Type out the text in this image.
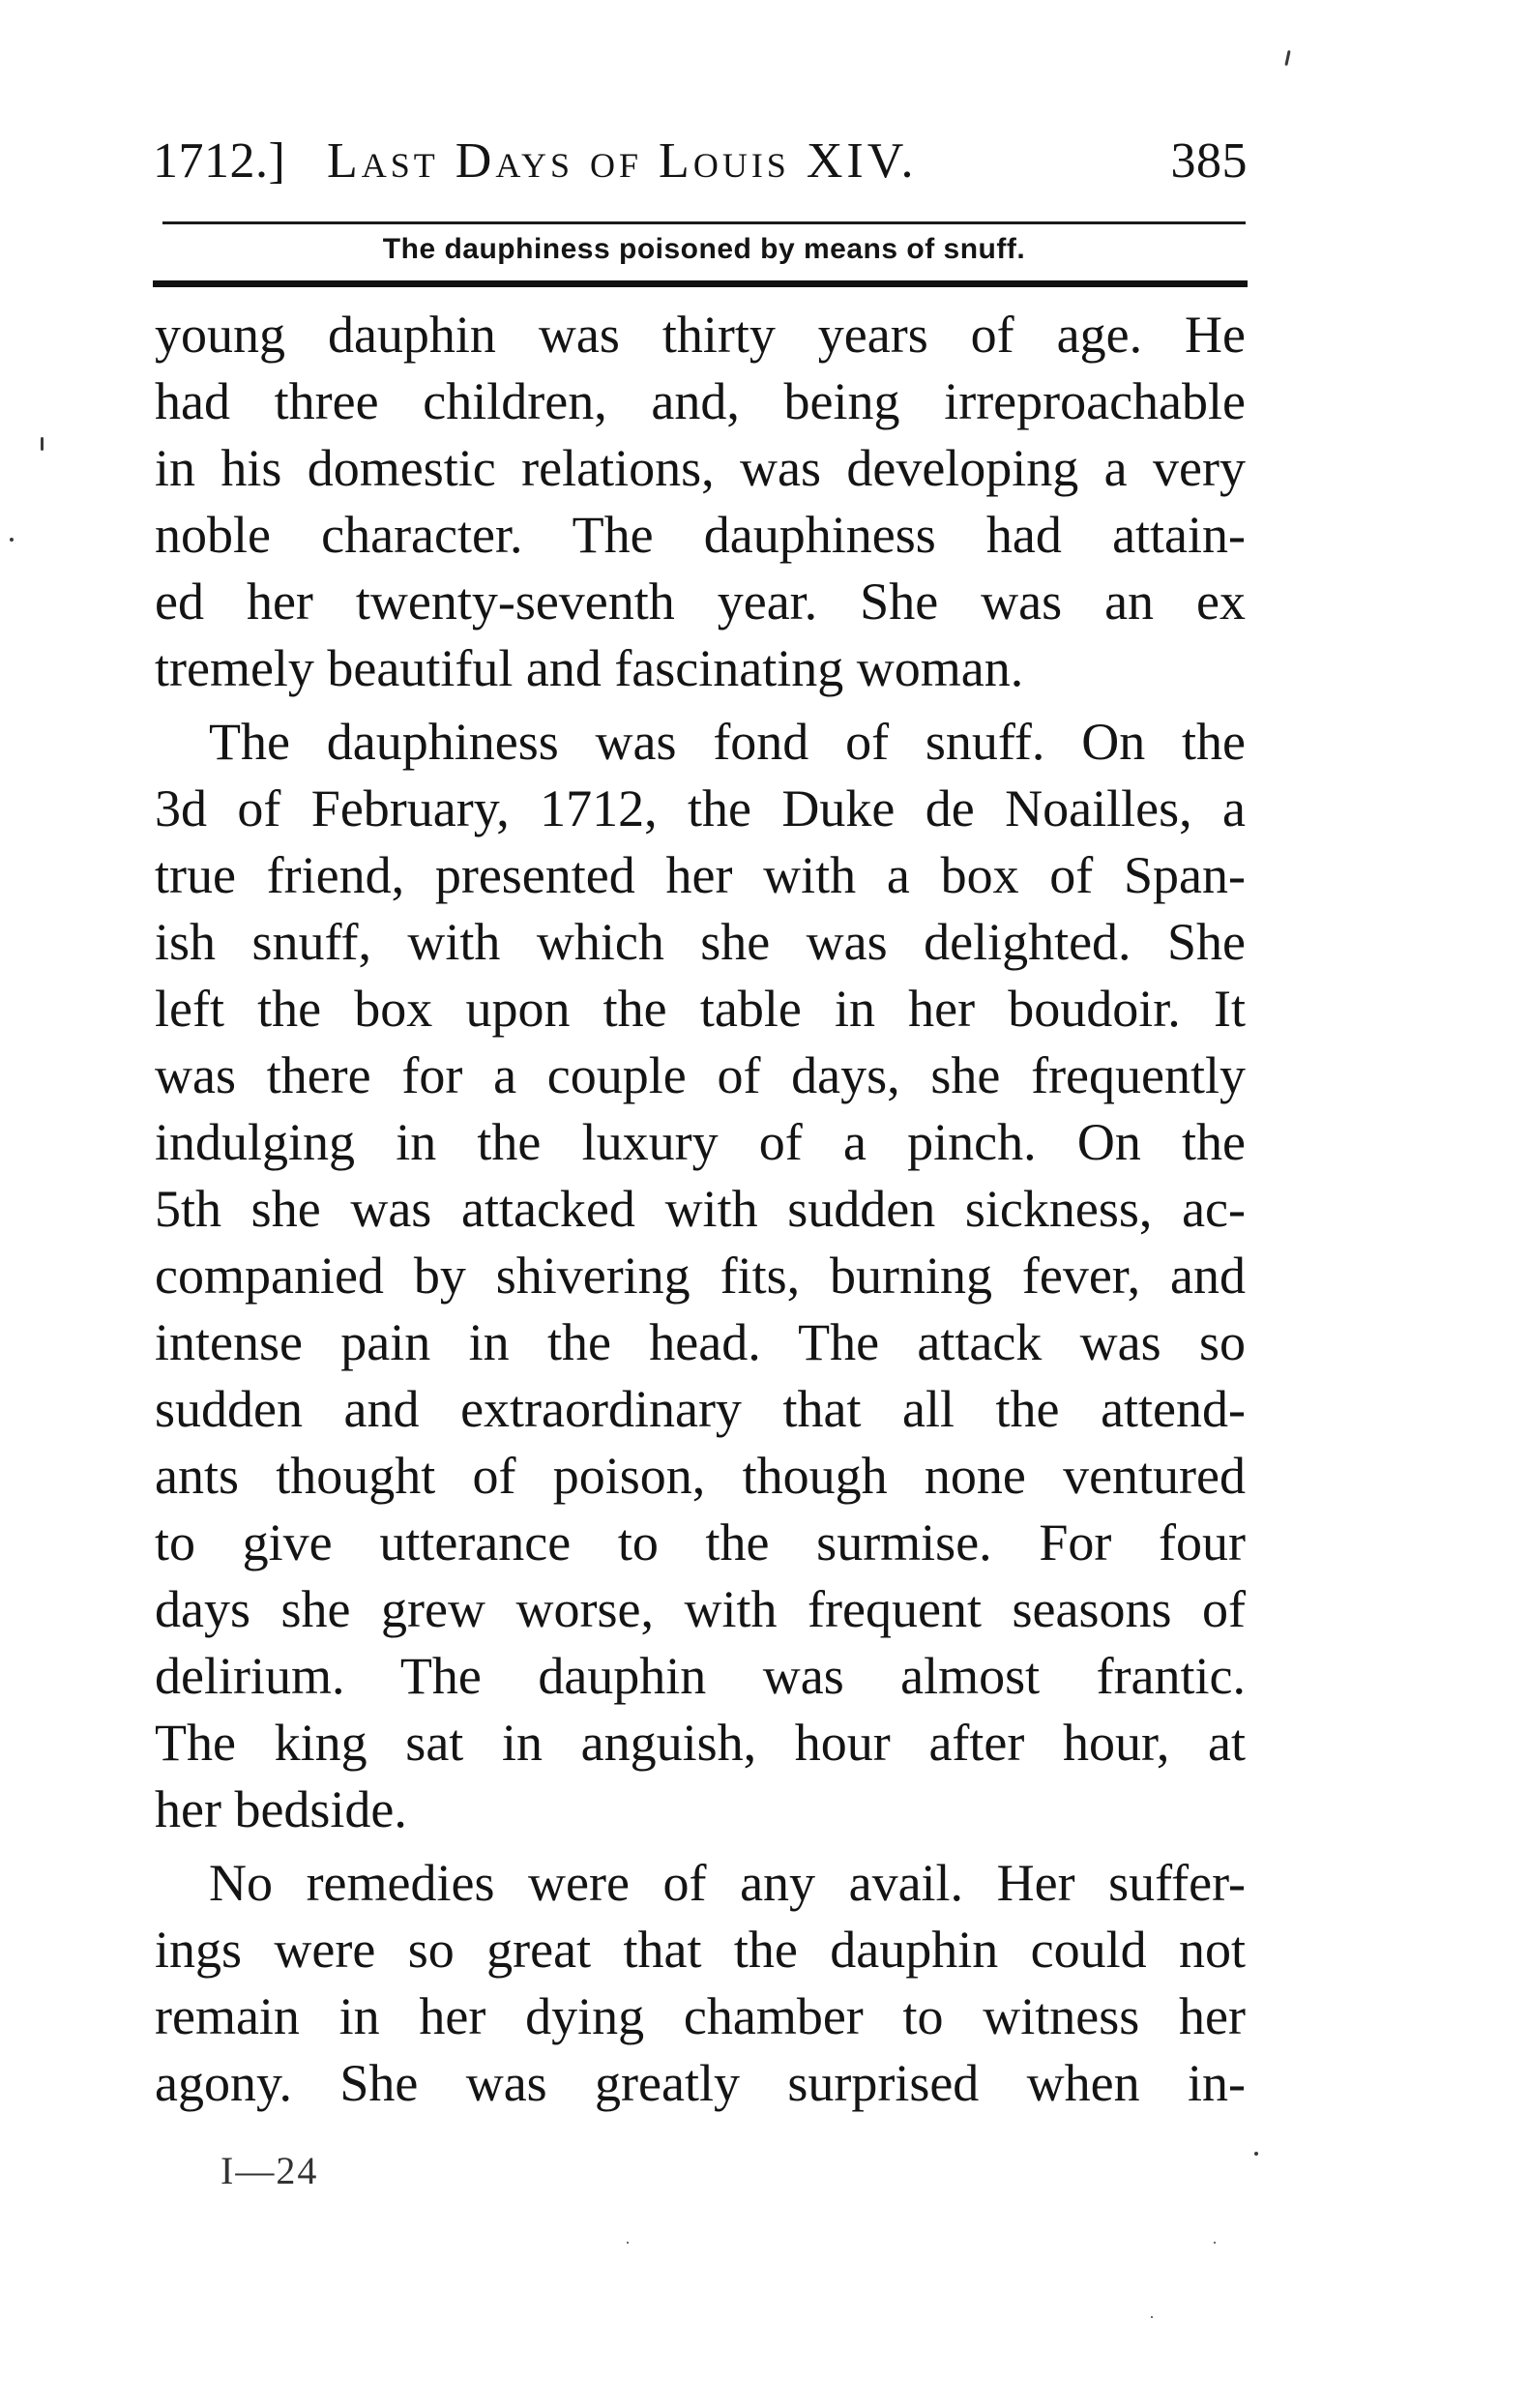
1712.] Last Days of Louis XIV.	385
The dauphiness poisoned by means of snuff.
young dauphin was thirty years of age. He
had three children, and, being irreproachable
in his domestic relations, was developing a very
noble character. The dauphiness had attain-
ed her twenty-seventh year. She was an ex
tremely beautiful and fascinating woman.
The dauphiness was fond of snuff. On the
3d of February, 1712, the Duke de Noailles, a
true friend, presented her with a box of Span-
ish snuff, with which she was delighted. She
left the box upon the table in her boudoir. It
was there for a couple of days, she frequently
indulging in the luxury of a pinch. On the
5th she was attacked with sudden sickness, ac-
companied by shivering fits, burning fever, and
intense pain in the head. The attack was so
sudden and extraordinary that all the attend-
ants thought of poison, though none ventured
to give utterance to the surmise. For four
days she grew worse, with frequent seasons of
delirium. The dauphin was almost frantic.
The king sat in anguish, hour after hour, at
her bedside.
No remedies were of any avail. Her suffer-
ings were so great that the dauphin could not
remain in her dying chamber to witness her
agony. She was greatly surprised when in-
I—24
